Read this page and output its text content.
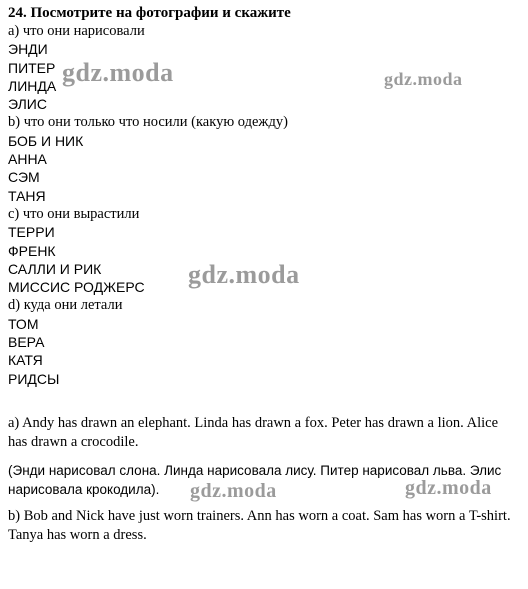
24. Посмотрите на фотографии и скажите
a) что они нарисовали
ЭНДИ
ПИТЕР
ЛИНДА
ЭЛИС
b) что они только что носили (какую одежду)
БОБ И НИК
АННА
СЭМ
ТАНЯ
c) что они вырастили
ТЕРРИ
ФРЕНК
САЛЛИ И РИК
МИССИС РОДЖЕРС
d) куда они летали
ТОМ
ВЕРА
КАТЯ
РИДСЫ

a) Andy has drawn an elephant. Linda has drawn a fox. Peter has drawn a lion. Alice has drawn a crocodile.

(Энди нарисовал слона. Линда нарисовала лису. Питер нарисовал льва. Элис нарисовала крокодила).

b) Bob and Nick have just worn trainers. Ann has worn a coat. Sam has worn a T-shirt. Tanya has worn a dress.

gdz.moda	gdz.moda
gdz.moda
gdz.moda	gdz.moda
